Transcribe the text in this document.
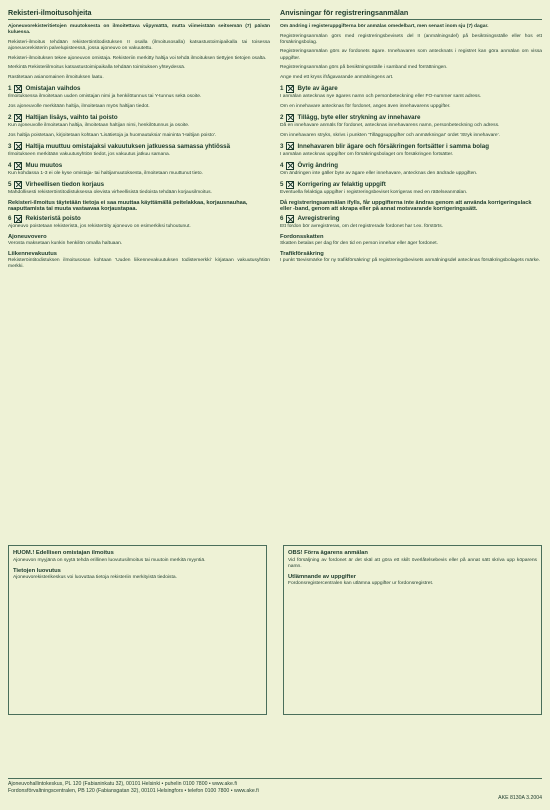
Rekisteri-ilmoitusohjeita

Ajoneuvorekisteritietojen muutoksesta on ilmoitettava viipymättä, mutta viimeistään seitsemän (7) päivän kuluessa.

Rekisteri-ilmoitus tehdään rekisteröintitodistuksen II osalla (ilmoitusosalla) katsastustoimipaikalla tai toisessa ajoneuvorekisterin palvelupisteessä, jossa ajoneuvo on vakuutettu.

Rekisteri-ilmoituksen tekee ajoneuvon omistaja. Rekisteriin merkitty haltija voi tehdä ilmoituksen tiettyjen tietojen osalta.

Merkintä Rekisteriilmoitus katsastustoimipaikalla tehdään toimituksen yhteydessä.

Rastitetaan asianomainen ilmoituksen laatu.

1 Omistajan vaihdos

Ilmoituksessa ilmoitetaan uuden omistajan nimi ja henkilötunnus tai Y-tunnus sekä osoite.

Jos ajoneuvolle merkitään haltija, ilmoitetaan myös haltijan tiedot.

2 Haltijan lisäys, vaihto tai poisto

Kun ajoneuvolle ilmoitetaan haltija, ilmoitetaan haltijan nimi, henkilötunnus ja osoite.

Jos haltija poistetaan, kirjoitetaan kohtaan 'Lisätietoja ja huomautuksia' maininta 'Haltijan poisto'.

3 Haltija muuttuu omistajaksi vakuutuksen jatkuessa samassa yhtiössä

Ilmoitukseen merkitään vakuutusyhtiön tiedot, jos vakuutus jatkuu samana.

4 Muu muutos

Kun kohdassa 1-3 ei ole kyse omistaja- tai haltijamuutoksesta, ilmoitetaan muuttunut tieto.

5 Virheellisen tiedon korjaus

Mahdollisesti rekisteröintitodistuksessa olevista virheellisistä tiedoista tehdään korjausilmoitus.

Rekisteri-ilmoitus täytetään tietoja ei saa muuttaa käyttämällä peitelakkaa, korjausnauhaa, raaputtamista tai muuta vastaavaa korjaustapaa.
6 Rekisteristä poisto

Ajoneuvo poistetaan rekisteristä, jos rekisteröity ajoneuvo on esimerkiksi tuhoutunut.

Ajoneuvovero

Verosta maksetaan kunkin henkilön omalla haltuaan.

Liikennevakuutus

Rekisteröintitodistuksen ilmoitusosan kohtaan 'Uuden liikennevakuutuksen todistemerkki' kirjataan vakuutusyhtiön merkki.

Anvisningar för registreringsanmälan

Om ändring i registeruppgifterna bör anmälas omedelbart, men senast inom sju (7) dagar.

Registreringsanmälan görs med registreringsbevisets del II (anmälningsdel) på besiktningsställe eller hos ett försäkringsbolag.

Registreringsanmälan görs av fordonets ägare. Innehavaren som antecknats i registret kan göra anmälan om vissa uppgifter.

Registreringsanmälan görs på besiktningsställe i samband med förrättningen.

Ange med ett kryss ifrågavarande anmälningens art.

1 Byte av ägare

I anmälan antecknas nye ägares namn och personbeteckning eller FO-nummer samt adress.

Om en innehavare antecknas för fordonet, anges även innehavarens uppgifter.

2 Tillägg, byte eller strykning av innehavare

Då en innehavare anmäls för fordonet, antecknas innehavarens namn, personbeteckning och adress.

Om innehavaren stryks, skrivs i punkten 'Tilläggsuppgifter och anmärkningar' ordet 'Stryk innehavare'.

3 Innehavaren blir ägare och försäkringen fortsätter i samma bolag

I anmälan antecknas uppgifter om försäkringsbolaget om försäkringen fortsätter.

4 Övrig ändring

Om ändringen inte gäller byte av ägare eller innehavare, antecknas den ändrade uppgiften.

5 Korrigering av felaktig uppgift

Eventuella felaktiga uppgifter i registreringsbeviset korrigeras med en rättelseanmälan.

Då registreringsanmälan ifylls, får uppgifterna inte ändras genom att använda korrigeringslack eller -band, genom att skrapa eller på annat motsvarande korrigeringssätt.
6 Avregistrering

Ett fordon bör avregistreras, om det registrerade fordonet har t.ex. förstörts.

Fordonsskatten

Skatten betalas per dag för den tid en person innehar eller äger fordonet.

Trafikförsäkring

I punkt 'Bevismärke för ny trafikförsäkring' på registreringsbevisets anmälningsdel antecknas försäkringsbolagets märke.

HUOM.! Edellisen omistajan ilmoitus

Ajoneuvon myyjänä on syytä tehdä erillinen luovutusilmoitus tai muutoin merkitä myyntiä.

Tietojen luovutus

Ajoneuvorekisterikeskus voi luovuttaa tietoja rekisteriin merkityistä tiedoista.

OBS! Förra ägarens anmälan

Vid försäljning av fordonet är det skäl att göra ett skilt överlåtelsebevis eller på annat sätt skriva upp köparens namn.

Utlämnande av uppgifter

Fordonsregistercentralen kan utlämna uppgifter ur fordonsregistret.

Ajoneuvohallintokeskus, PL 120 (Fabianinkatu 32), 00101 Helsinki • puhelin 0100 7800 • www.ake.fi
Fordonsförvaltningscentralen, PB 120 (Fabiansgatan 32), 00101 Helsingfors • telefon 0100 7800 • www.ake.fi
AKE 8130A 3.2004
